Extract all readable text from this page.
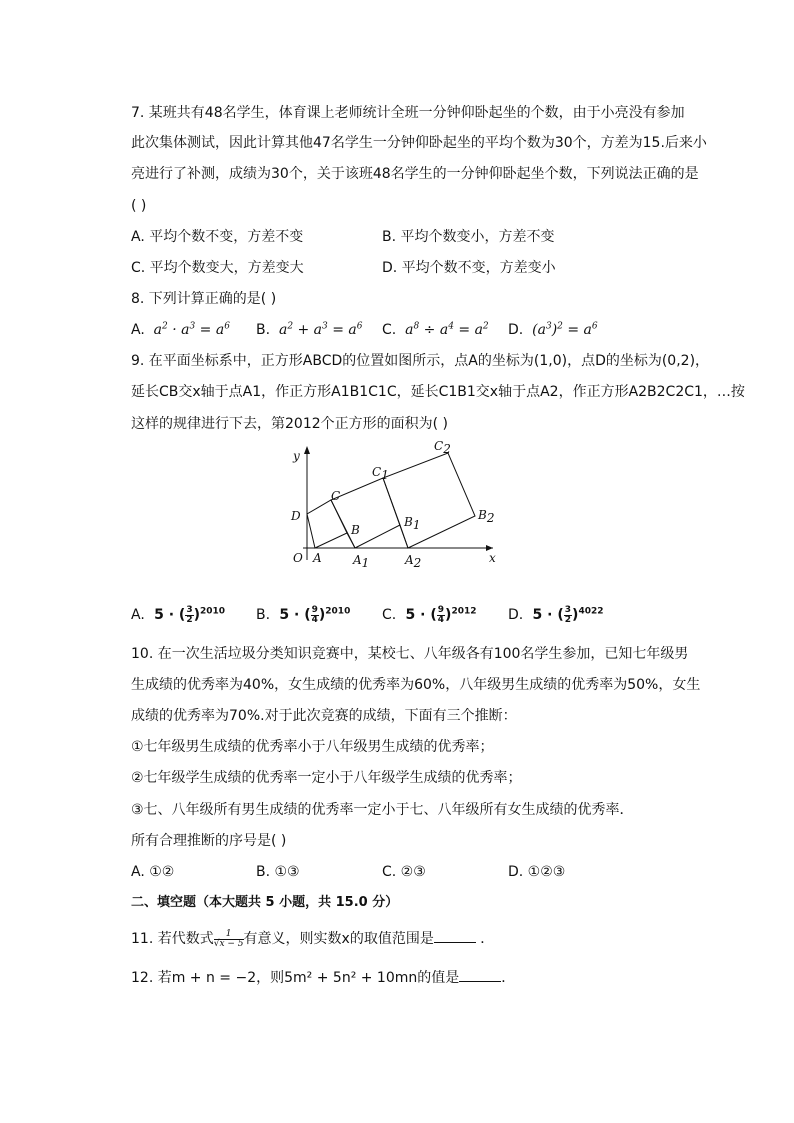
7. 某班共有48名学生，体育课上老师统计全班一分钟仰卧起坐的个数，由于小亮没有参加
此次集体测试，因此计算其他47名学生一分钟仰卧起坐的平均个数为30个，方差为15.后来小
亮进行了补测，成绩为30个，关于该班48名学生的一分钟仰卧起坐个数，下列说法正确的是
( )
A. 平均个数不变，方差不变	B. 平均个数变小，方差不变
C. 平均个数变大，方差变大	D. 平均个数不变，方差变小
8. 下列计算正确的是( )
A.  $a^2 \cdot a^3 = a^6$ B.  $a^2 + a^3 = a^6$ C.  $a^8 \div a^4 = a^2$ D.  $(a^3)^2 = a^6$
9. 在平面坐标系中，正方形ABCD的位置如图所示，点A的坐标为(1,0)，点D的坐标为(0,2)，
延长CB交x轴于点A1，作正方形A1B1C1C，延长C1B1交x轴于点A2，作正方形A2B2C2C1，…按
这样的规律进行下去，第2012个正方形的面积为( )
y
x
O A
B
C
D
A1
B1
C1
A2
B2
C2
A.  5 · ( $\frac{3}{2} )^{2010}$ B.  5 · ( $\frac{9}{4} )^{2010}$ C.  5 · ( $\frac{9}{4} )^{2012}$ D.  5 · ( $\frac{3}{2} )^{4022}$
10. 在一次生活垃圾分类知识竞赛中，某校七、八年级各有100名学生参加，已知七年级男
生成绩的优秀率为40%，女生成绩的优秀率为60%，八年级男生成绩的优秀率为50%，女生
成绩的优秀率为70%.对于此次竞赛的成绩，下面有三个推断：
①七年级男生成绩的优秀率小于八年级男生成绩的优秀率；
②七年级学生成绩的优秀率一定小于八年级学生成绩的优秀率；
③七、八年级所有男生成绩的优秀率一定小于七、八年级所有女生成绩的优秀率．
所有合理推断的序号是( )
A. ①②	B. ①③	C. ②③	D. ①②③
二、填空题（本大题共 5 小题，共 15.0 分）
11. 若代数式 $\frac{1}{√x - 5}$ 有意义，则实数x的取值范围是	．
12. 若m + n = −2，则5m² + 5n² + 10mn的值是	．
